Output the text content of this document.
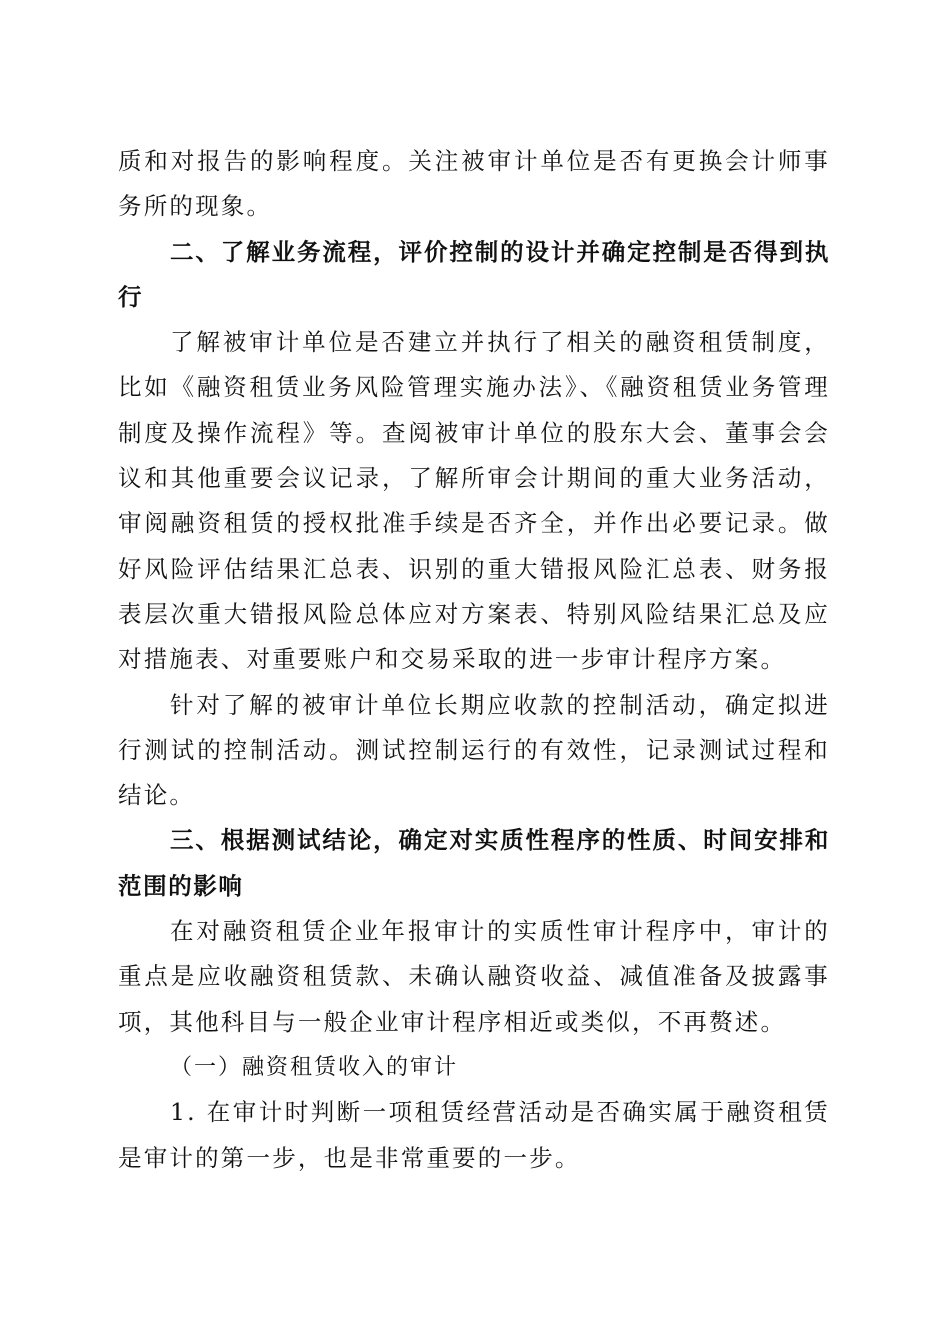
质和对报告的影响程度。关注被审计单位是否有更换会计师事务所的现象。

二、了解业务流程，评价控制的设计并确定控制是否得到执行

了解被审计单位是否建立并执行了相关的融资租赁制度，比如《融资租赁业务风险管理实施办法》、《融资租赁业务管理制度及操作流程》等。查阅被审计单位的股东大会、董事会会议和其他重要会议记录，了解所审会计期间的重大业务活动，审阅融资租赁的授权批准手续是否齐全，并作出必要记录。做好风险评估结果汇总表、识别的重大错报风险汇总表、财务报表层次重大错报风险总体应对方案表、特别风险结果汇总及应对措施表、对重要账户和交易采取的进一步审计程序方案。

针对了解的被审计单位长期应收款的控制活动，确定拟进行测试的控制活动。测试控制运行的有效性，记录测试过程和结论。

三、根据测试结论，确定对实质性程序的性质、时间安排和范围的影响

在对融资租赁企业年报审计的实质性审计程序中，审计的重点是应收融资租赁款、未确认融资收益、减值准备及披露事项，其他科目与一般企业审计程序相近或类似，不再赘述。

（一）融资租赁收入的审计

1. 在审计时判断一项租赁经营活动是否确实属于融资租赁是审计的第一步，也是非常重要的一步。
